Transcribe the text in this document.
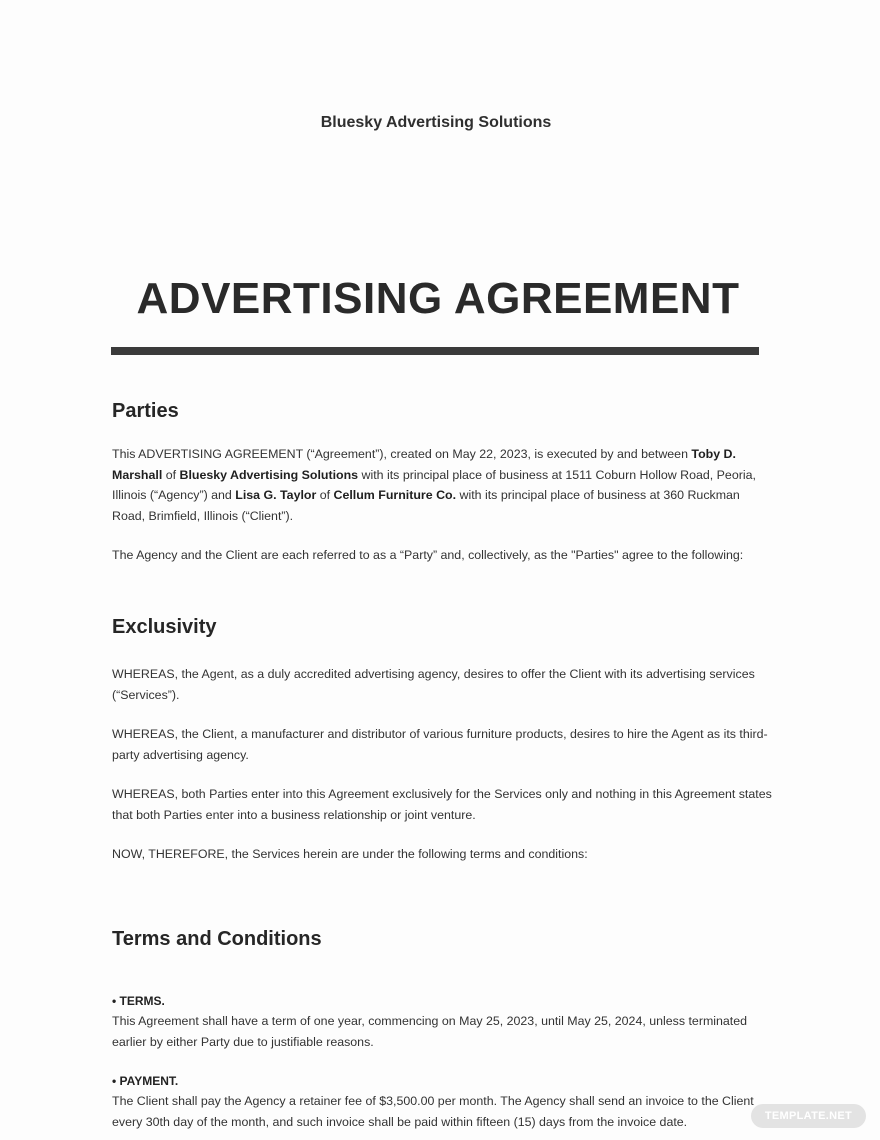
Bluesky Advertising Solutions
ADVERTISING AGREEMENT
Parties

This ADVERTISING AGREEMENT (“Agreement”), created on May 22, 2023, is executed by and between Toby D. Marshall of Bluesky Advertising Solutions with its principal place of business at 1511 Coburn Hollow Road, Peoria, Illinois (“Agency”) and Lisa G. Taylor of Cellum Furniture Co. with its principal place of business at 360 Ruckman Road, Brimfield, Illinois (“Client”).

The Agency and the Client are each referred to as a “Party” and, collectively, as the "Parties" agree to the following:

Exclusivity

WHEREAS, the Agent, as a duly accredited advertising agency, desires to offer the Client with its advertising services (“Services”).

WHEREAS, the Client, a manufacturer and distributor of various furniture products, desires to hire the Agent as its third-party advertising agency.

WHEREAS, both Parties enter into this Agreement exclusively for the Services only and nothing in this Agreement states that both Parties enter into a business relationship or joint venture.

NOW, THEREFORE, the Services herein are under the following terms and conditions:

Terms and Conditions
• TERMS.

This Agreement shall have a term of one year, commencing on May 25, 2023, until May 25, 2024, unless terminated earlier by either Party due to justifiable reasons.

• PAYMENT.

The Client shall pay the Agency a retainer fee of $3,500.00 per month. The Agency shall send an invoice to the Client every 30th day of the month, and such invoice shall be paid within fifteen (15) days from the invoice date.	TEMPLATE.NET
